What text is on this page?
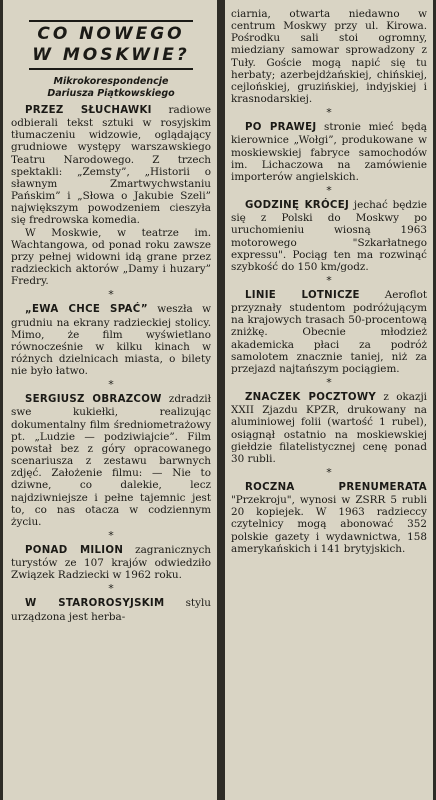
CO NOWEGO
W MOSKWIE?
Mikrokorespondencje
Dariusza Piątkowskiego

PRZEZ SŁUCHAWKI radiowe odbierali tekst sztuki w rosyjskim tłumaczeniu widzowie, oglądający grudniowe występy warszawskiego Teatru Narodowego. Z trzech spektakli: „Zemsty”, „Historii o sławnym Zmartwychwstaniu Pańskim” i „Słowa o Jakubie Szeli” największym powodzeniem cieszyła się fredrowska komedia.

W Moskwie, w teatrze im. Wachtangowa, od ponad roku zawsze przy pełnej widowni idą grane przez radzieckich aktorów „Damy i huzary” Fredry.

*

„EWA CHCE SPAĆ” weszła w grudniu na ekrany radzieckiej stolicy. Mimo, że film wyświetlano równocześnie w kilku kinach w różnych dzielnicach miasta, o bilety nie było łatwo.

*

SERGIUSZ OBRAZCOW zdradził swe kukiełki, realizując dokumentalny film średniometrażowy pt. „Ludzie — podziwiajcie”. Film powstał bez z góry opracowanego scenariusza z zestawu barwnych zdjęć. Założenie filmu: — Nie to dziwne, co dalekie, lecz najdziwniejsze i pełne tajemnic jest to, co nas otacza w codziennym życiu.

*

PONAD MILION zagranicznych turystów ze 107 krajów odwiedziło Związek Radziecki w 1962 roku.

*

W STAROROSYJSKIM stylu urządzona jest herba-

ciarnia, otwarta niedawno w centrum Moskwy przy ul. Kirowa. Pośrodku sali stoi ogromny, miedziany samowar sprowadzony z Tuły. Goście mogą napić się tu herbaty; azerbejdżańskiej, chińskiej, cejlońskiej, gruzińskiej, indyjskiej i krasnodarskiej.

*

PO PRAWEJ stronie mieć będą kierownice „Wołgi”, produkowane w moskiewskiej fabryce samochodów im. Lichaczowa na zamówienie importerów angielskich.

*

GODZINĘ KRÓCEJ jechać będzie się z Polski do Moskwy po uruchomieniu wiosną 1963 motorowego "Szkarłatnego expressu". Pociąg ten ma rozwinąć szybkość do 150 km/godz.

*

LINIE LOTNICZE Aeroflot przyznały studentom podróżującym na krajowych trasach 50-procentową zniżkę. Obecnie młodzież akademicka płaci za podróż samolotem znacznie taniej, niż za przejazd najtańszym pociągiem.

*

ZNACZEK POCZTOWY z okazji XXII Zjazdu KPZR, drukowany na aluminiowej folii (wartość 1 rubel), osiągnął ostatnio na moskiewskiej giełdzie filatelistycznej cenę ponad 30 rubli.

*

ROCZNA PRENUMERATA "Przekroju", wynosi w ZSRR 5 rubli 20 kopiejek. W 1963 radzieccy czytelnicy mogą abonować 352 polskie gazety i wydawnictwa, 158 amerykańskich i 141 brytyjskich.
